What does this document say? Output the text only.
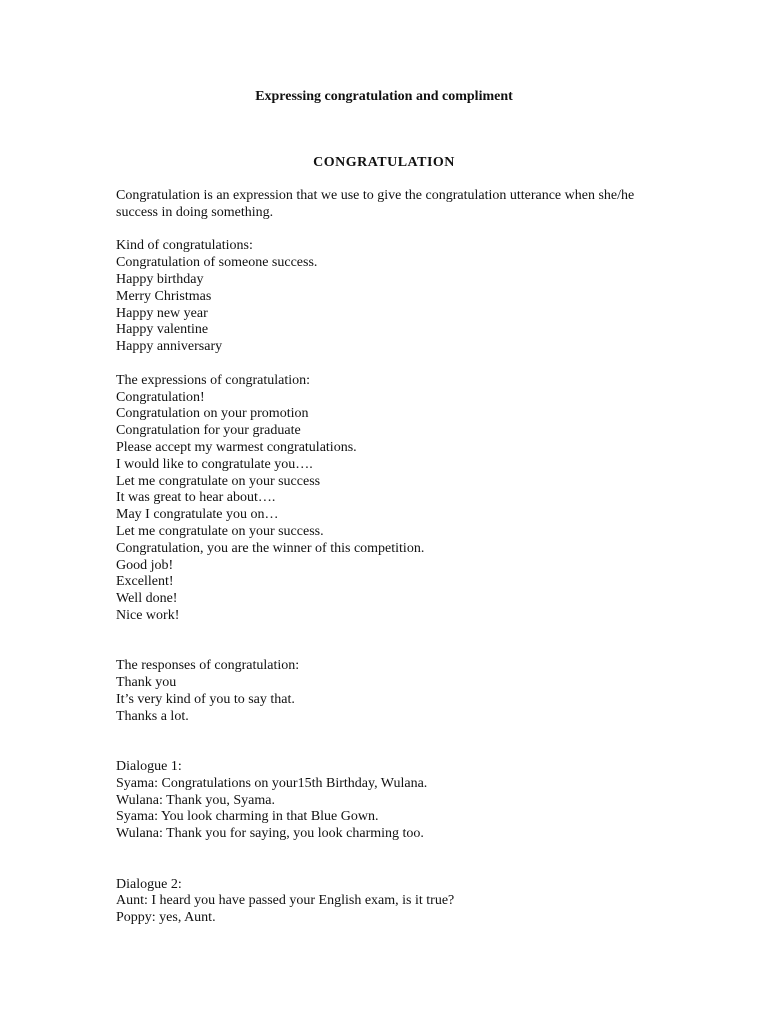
Expressing congratulation and compliment
CONGRATULATION

Congratulation is an expression that we use to give the congratulation utterance when she/he success in doing something.

Kind of congratulations:
Congratulation of someone success.
Happy birthday
Merry Christmas
Happy new year
Happy valentine
Happy anniversary
The expressions of congratulation:
Congratulation!
Congratulation on your promotion
Congratulation for your graduate
Please accept my warmest congratulations.
I would like to congratulate you….
Let me congratulate on your success
It was great to hear about….
May I congratulate you on…
Let me congratulate on your success.
Congratulation, you are the winner of this competition.
Good job!
Excellent!
Well done!
Nice work!
The responses of congratulation:
Thank you
It’s very kind of you to say that.
Thanks a lot.
Dialogue 1:
Syama: Congratulations on your15th Birthday, Wulana.
Wulana: Thank you, Syama.
Syama: You look charming in that Blue Gown.
Wulana: Thank you for saying, you look charming too.
Dialogue 2:
Aunt: I heard you have passed your English exam, is it true?
Poppy: yes, Aunt.
